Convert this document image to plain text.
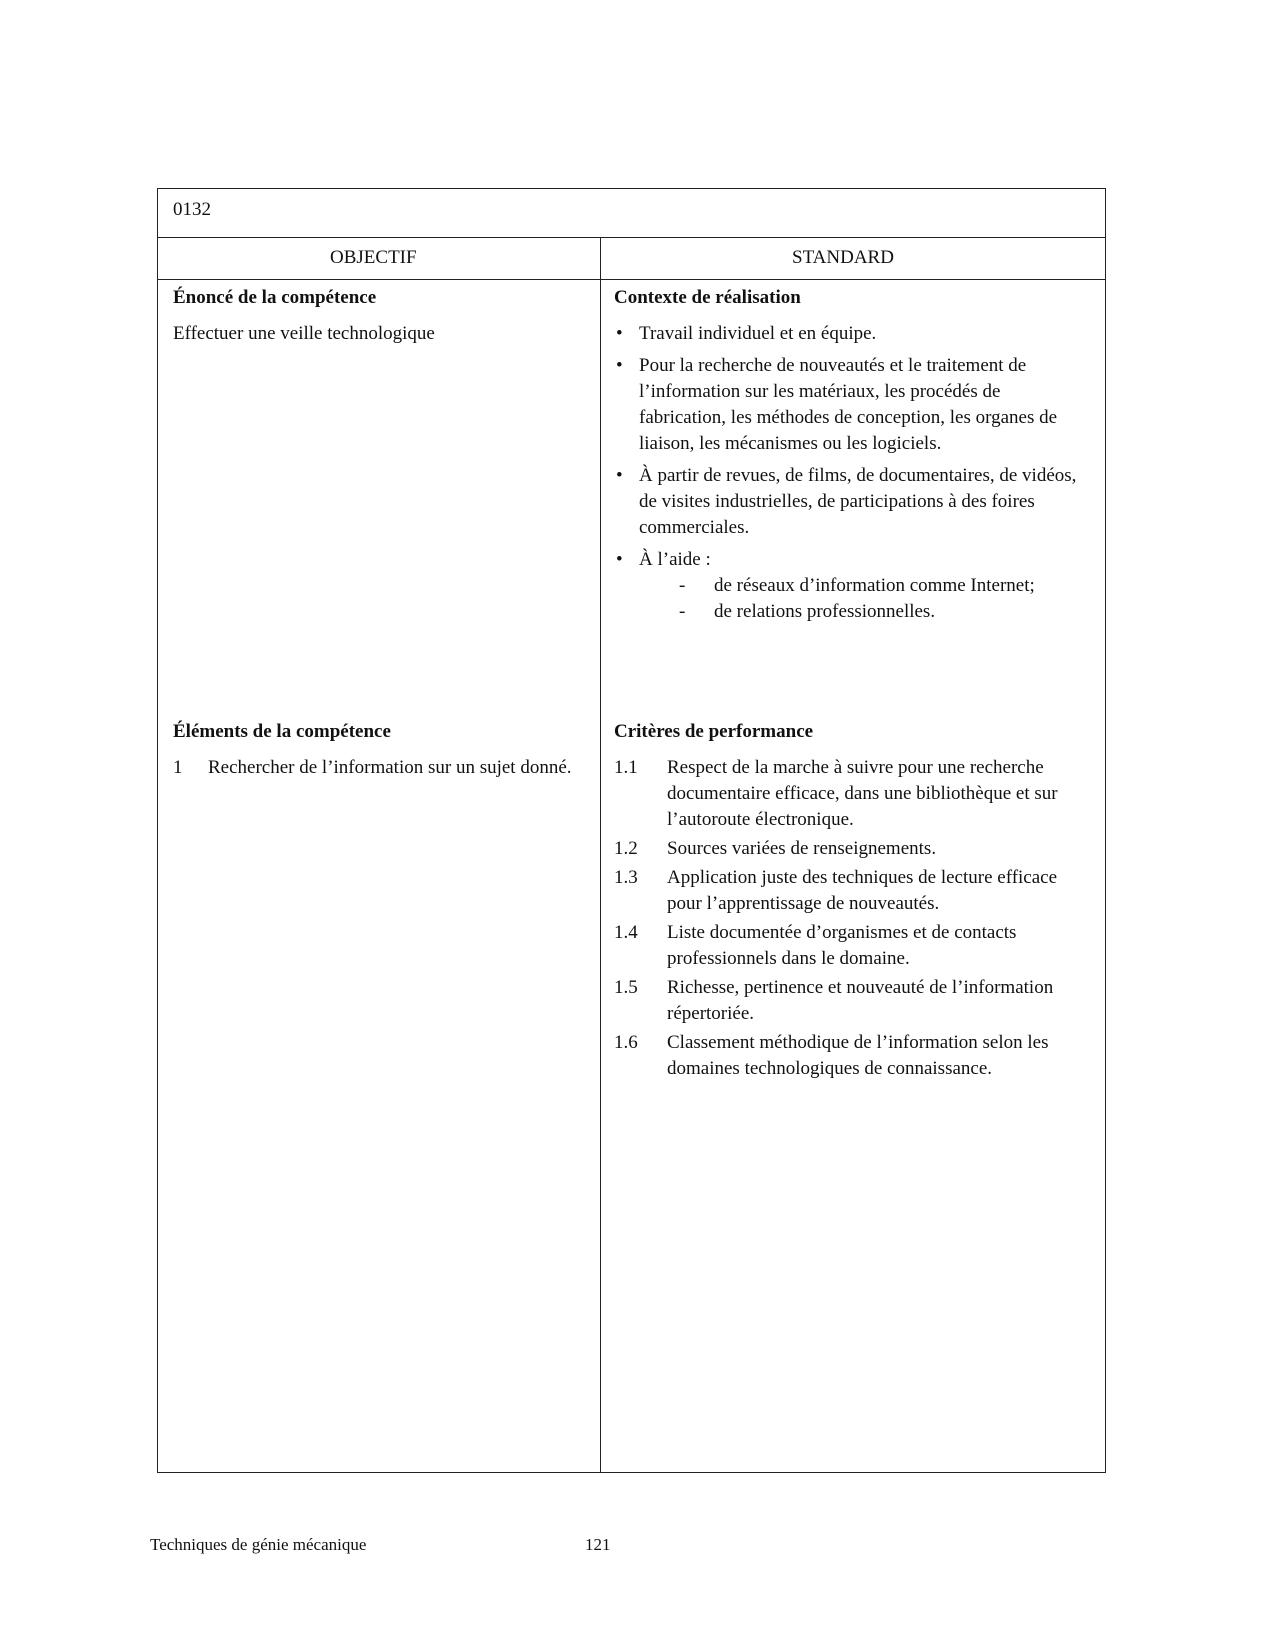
0132
OBJECTIF	STANDARD

Énoncé de la compétence

Effectuer une veille technologique

Contexte de réalisation

• Travail individuel et en équipe.
• Pour la recherche de nouveautés et le traitement de l’information sur les matériaux, les procédés de fabrication, les méthodes de conception, les organes de liaison, les mécanismes ou les logiciels.
• À partir de revues, de films, de documentaires, de vidéos, de visites industrielles, de participations à des foires commerciales.
• À l’aide :
- de réseaux d’information comme Internet;
- de relations professionnelles.

Éléments de la compétence

1 Rechercher de l’information sur un sujet donné.

Critères de performance

1.1 Respect de la marche à suivre pour une recherche documentaire efficace, dans une bibliothèque et sur l’autoroute électronique.
1.2 Sources variées de renseignements.
1.3 Application juste des techniques de lecture efficace pour l’apprentissage de nouveautés.
1.4 Liste documentée d’organismes et de contacts professionnels dans le domaine.
1.5 Richesse, pertinence et nouveauté de l’information répertoriée.
1.6 Classement méthodique de l’information selon les domaines technologiques de connaissance.
Techniques de génie mécanique	121
